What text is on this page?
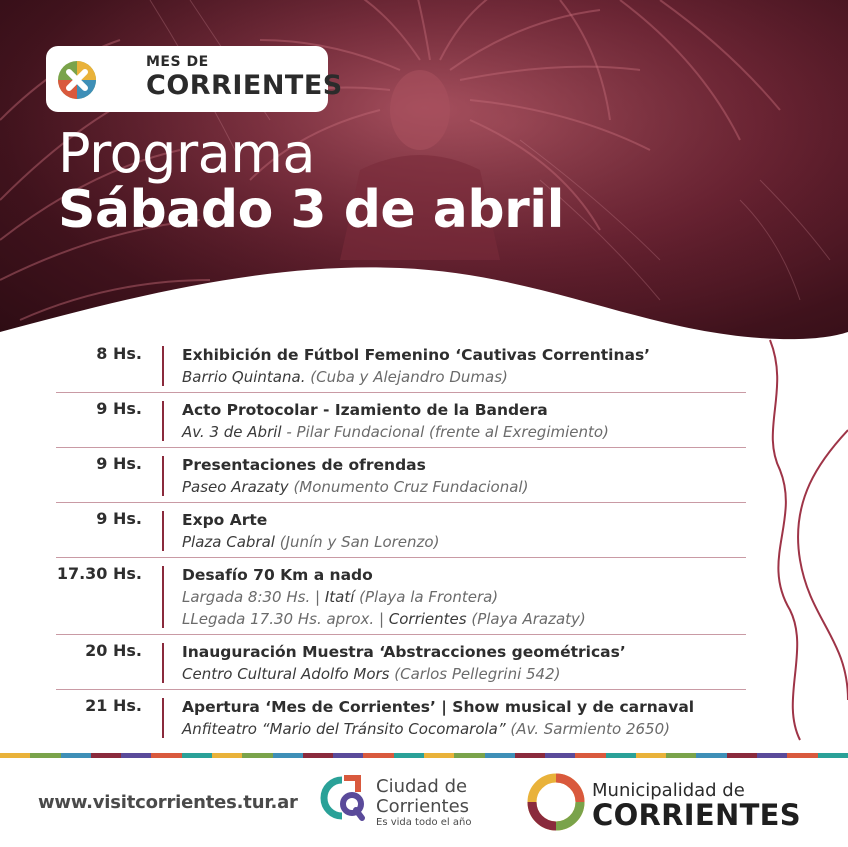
MES DE
CORRIENTES
Programa
Sábado 3 de abril
8 Hs.	Exhibición de Fútbol Femenino ‘Cautivas Correntinas’
Barrio Quintana. (Cuba y Alejandro Dumas)
9 Hs.	Acto Protocolar - Izamiento de la Bandera
Av. 3 de Abril - Pilar Fundacional (frente al Exregimiento)
9 Hs.	Presentaciones de ofrendas
Paseo Arazaty (Monumento Cruz Fundacional)
9 Hs.	Expo Arte
Plaza Cabral (Junín y San Lorenzo)
17.30 Hs.	Desafío 70 Km a nado
Largada 8:30 Hs. | Itatí (Playa la Frontera)
LLegada 17.30 Hs. aprox. | Corrientes (Playa Arazaty)
20 Hs.	Inauguración Muestra ‘Abstracciones geométricas’
Centro Cultural Adolfo Mors (Carlos Pellegrini 542)
21 Hs.	Apertura ‘Mes de Corrientes’ | Show musical y de carnaval
Anfiteatro “Mario del Tránsito Cocomarola” (Av. Sarmiento 2650)
www.visitcorrientes.tur.ar
Ciudad de
Corrientes
Es vida todo el año
Municipalidad de
CORRIENTES
